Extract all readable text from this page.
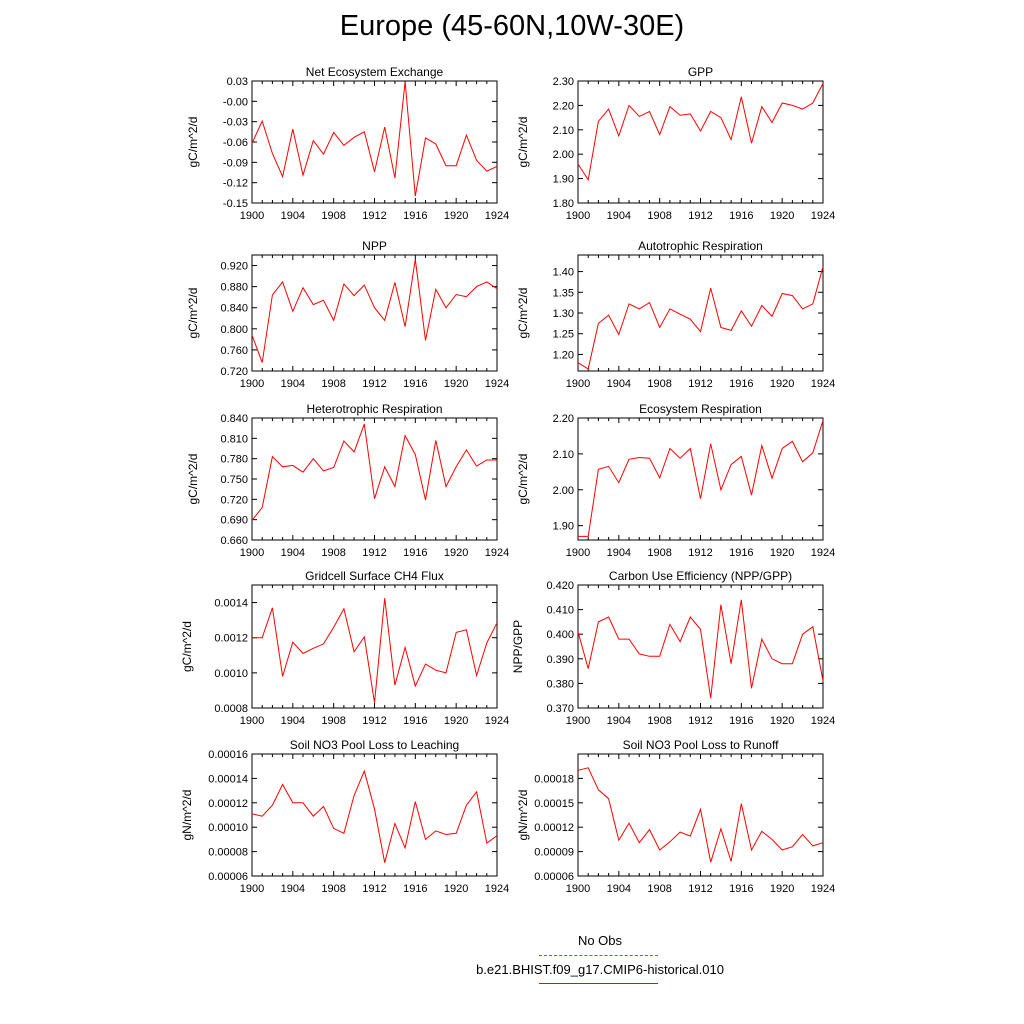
Europe (45-60N,10W-30E)
Net Ecosystem Exchange
1900 1904 1908 1912 1916 1920 1924
-0.15
-0.12
-0.09
-0.06
-0.03
-0.00
0.03
gC/m^2/d
GPP
1900 1904 1908 1912 1916 1920 1924
1.80
1.90
2.00
2.10
2.20
2.30
gC/m^2/d
NPP
1900 1904 1908 1912 1916 1920 1924
0.720
0.760
0.800
0.840
0.880
0.920
gC/m^2/d
Autotrophic Respiration
1900 1904 1908 1912 1916 1920 1924
1.20
1.25
1.30
1.35
1.40
gC/m^2/d
Heterotrophic Respiration
1900 1904 1908 1912 1916 1920 1924
0.660
0.690
0.720
0.750
0.780
0.810
0.840
gC/m^2/d
Ecosystem Respiration
1900 1904 1908 1912 1916 1920 1924
1.90
2.00
2.10
2.20
gC/m^2/d
Gridcell Surface CH4 Flux
1900 1904 1908 1912 1916 1920 1924
0.0008
0.0010
0.0012
0.0014
gC/m^2/d
Carbon Use Efficiency (NPP/GPP)
1900 1904 1908 1912 1916 1920 1924
0.370
0.380
0.390
0.400
0.410
0.420
NPP/GPP
Soil NO3 Pool Loss to Leaching
1900 1904 1908 1912 1916 1920 1924
0.00006
0.00008
0.00010
0.00012
0.00014
0.00016
gN/m^2/d
Soil NO3 Pool Loss to Runoff
1900 1904 1908 1912 1916 1920 1924
0.00006
0.00009
0.00012
0.00015
0.00018
gN/m^2/d
No Obs
b.e21.BHIST.f09_g17.CMIP6-historical.010
